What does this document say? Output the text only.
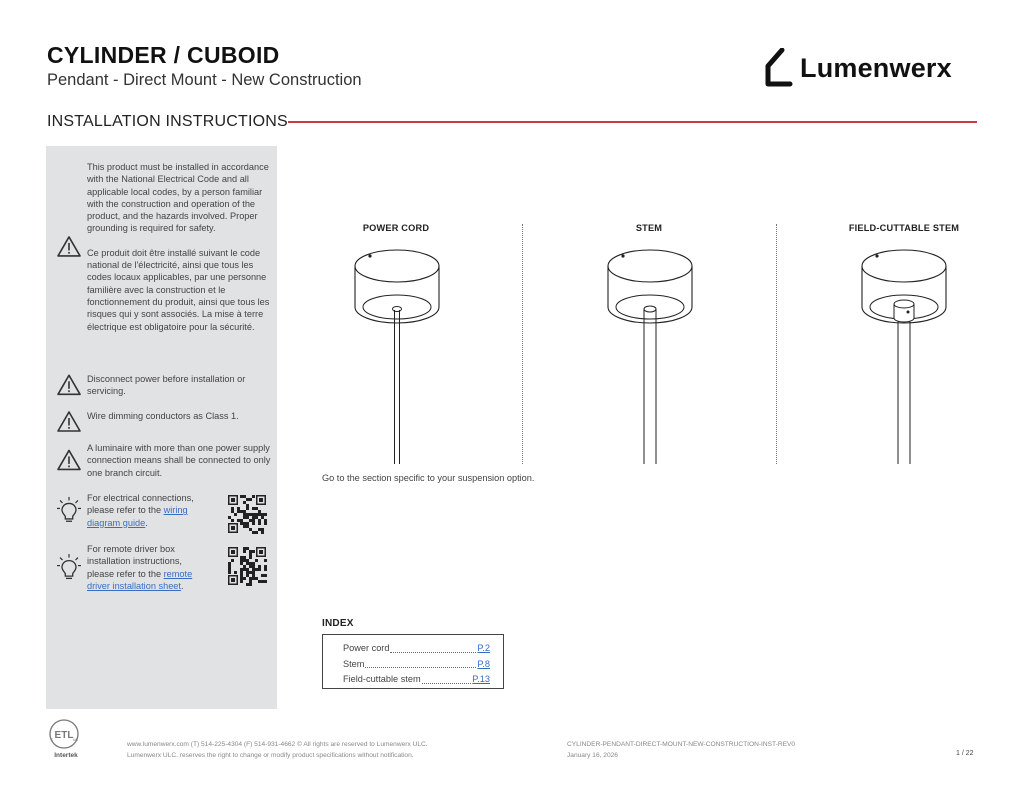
CYLINDER / CUBOID
Pendant - Direct Mount - New Construction	Lumenwerx
INSTALLATION INSTRUCTIONS
This product must be installed in accordance with the National Electrical Code and all applicable local codes, by a person familiar with the construction and operation of the product, and the hazards involved. Proper grounding is required for safety.
Ce produit doit être installé suivant le code national de l'électricité, ainsi que tous les codes locaux applicables, par une personne familière avec la construction et le fonctionnement du produit, ainsi que tous les risques qui y sont associés. La mise à terre électrique est obligatoire pour la sécurité.
Disconnect power before installation or servicing.
Wire dimming conductors as Class 1.
A luminaire with more than one power supply connection means shall be connected to only one branch circuit.
For electrical connections, please refer to the wiring diagram guide.
For remote driver box installation instructions, please refer to the remote driver installation sheet.
POWER CORD	STEM	FIELD-CUTTABLE STEM
Go to the section specific to your suspension option.
INDEX
Power cord	P.2
Stem	P.8
Field-cuttable stem	P.13
ETL
c	us
Intertek
www.lumenwerx.com (T) 514-225-4304 (F) 514-931-4662 © All rights are reserved to Lumenwerx ULC.
Lumenwerx ULC. reserves the right to change or modify product specifications without notification.
CYLINDER-PENDANT-DIRECT-MOUNT-NEW-CONSTRUCTION-INST-REV0
January 16, 2026	1 / 22
